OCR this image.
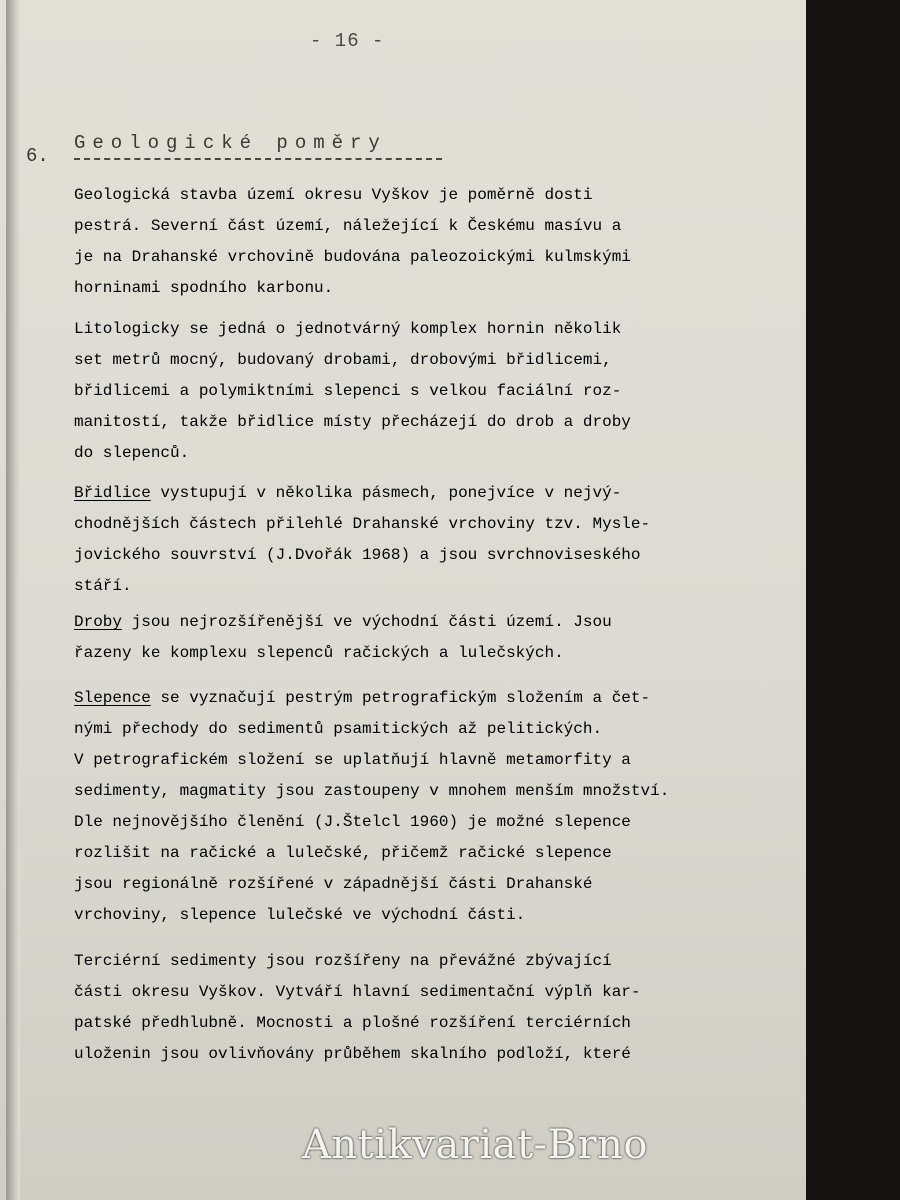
- 16 -
6.
Geologické poměry
Geologická stavba území okresu Vyškov je poměrně dosti
pestrá. Severní část území, náležející k Českému masívu a
je na Drahanské vrchovině budována paleozoickými kulmskými
horninami spodního karbonu.
Litologicky se jedná o jednotvárný komplex hornin několik
set metrů mocný, budovaný drobami, drobovými břidlicemi,
břidlicemi a polymiktními slepenci s velkou faciální roz-
manitostí, takže břidlice místy přecházejí do drob a droby
do slepenců.
Břidlice vystupují v několika pásmech, ponejvíce v nejvý-
chodnějších částech přilehlé Drahanské vrchoviny tzv. Mysle-
jovického souvrství (J.Dvořák 1968) a jsou svrchnoviseského
stáří.
Droby jsou nejrozšířenější ve východní části území. Jsou
řazeny ke komplexu slepenců račických a lulečských.
Slepence se vyznačují pestrým petrografickým složením a čet-
nými přechody do sedimentů psamitických až pelitických.
V petrografickém složení se uplatňují hlavně metamorfity a
sedimenty, magmatity jsou zastoupeny v mnohem menším množství.
Dle nejnovějšího členění (J.Štelcl 1960) je možné slepence
rozlišit na račické a lulečské, přičemž račické slepence
jsou regionálně rozšířené v západnější části Drahanské
vrchoviny, slepence lulečské ve východní části.
Terciérní sedimenty jsou rozšířeny na převážné zbývající
části okresu Vyškov. Vytváří hlavní sedimentační výplň kar-
patské předhlubně. Mocnosti a plošné rozšíření terciérních
uloženin jsou ovlivňovány průběhem skalního podloží, které
Antikvariat-Brno
